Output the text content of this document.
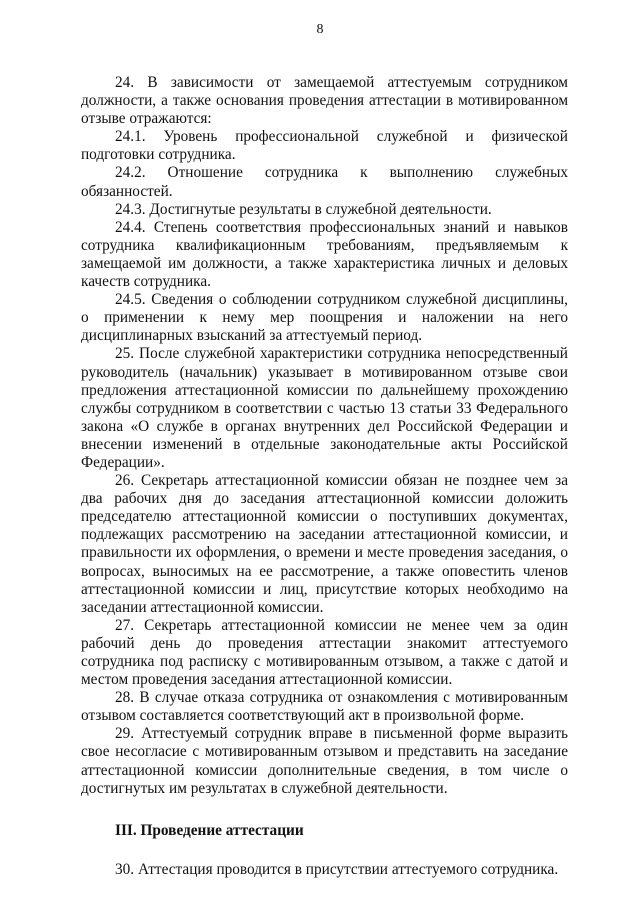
8

24. В зависимости от замещаемой аттестуемым сотрудником должности, а также основания проведения аттестации в мотивированном отзыве отражаются:

24.1. Уровень профессиональной служебной и физической подготовки сотрудника.

24.2. Отношение сотрудника к выполнению служебных обязанностей.

24.3. Достигнутые результаты в служебной деятельности.

24.4. Степень соответствия профессиональных знаний и навыков сотрудника квалификационным требованиям, предъявляемым к замещаемой им должности, а также характеристика личных и деловых качеств сотрудника.

24.5. Сведения о соблюдении сотрудником служебной дисциплины, о применении к нему мер поощрения и наложении на него дисциплинарных взысканий за аттестуемый период.

25. После служебной характеристики сотрудника непосредственный руководитель (начальник) указывает в мотивированном отзыве свои предложения аттестационной комиссии по дальнейшему прохождению службы сотрудником в соответствии с частью 13 статьи 33 Федерального закона «О службе в органах внутренних дел Российской Федерации и внесении изменений в отдельные законодательные акты Российской Федерации».

26. Секретарь аттестационной комиссии обязан не позднее чем за два рабочих дня до заседания аттестационной комиссии доложить председателю аттестационной комиссии о поступивших документах, подлежащих рассмотрению на заседании аттестационной комиссии, и правильности их оформления, о времени и месте проведения заседания, о вопросах, выносимых на ее рассмотрение, а также оповестить членов аттестационной комиссии и лиц, присутствие которых необходимо на заседании аттестационной комиссии.

27. Секретарь аттестационной комиссии не менее чем за один рабочий день до проведения аттестации знакомит аттестуемого сотрудника под расписку с мотивированным отзывом, а также с датой и местом проведения заседания аттестационной комиссии.

28. В случае отказа сотрудника от ознакомления с мотивированным отзывом составляется соответствующий акт в произвольной форме.

29. Аттестуемый сотрудник вправе в письменной форме выразить свое несогласие с мотивированным отзывом и представить на заседание аттестационной комиссии дополнительные сведения, в том числе о достигнутых им результатах в служебной деятельности.

III. Проведение аттестации

30. Аттестация проводится в присутствии аттестуемого сотрудника.
